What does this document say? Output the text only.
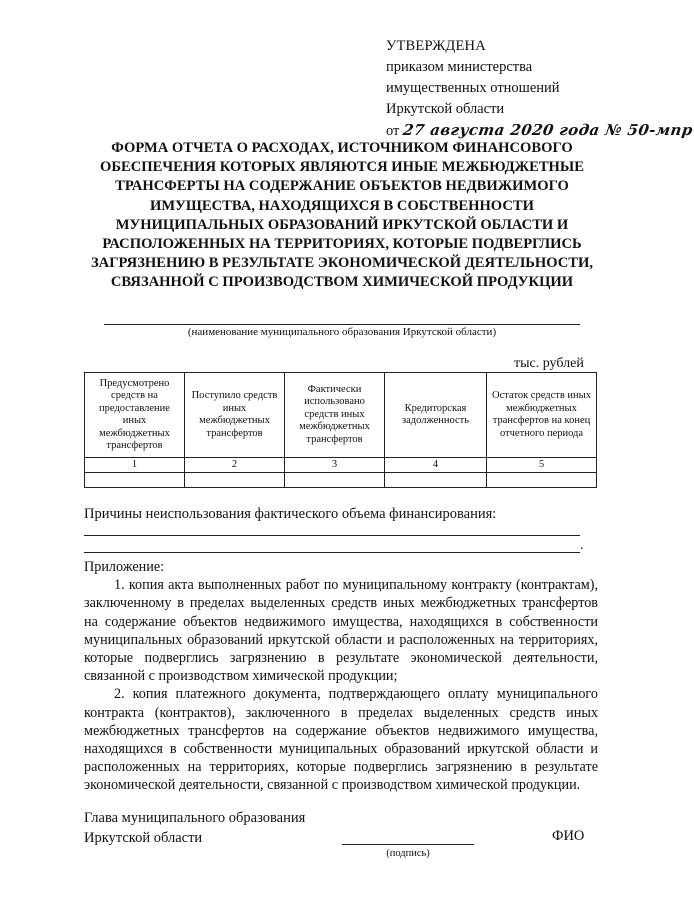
УТВЕРЖДЕНА
приказом министерства
имущественных отношений
Иркутской области
от 27 августа 2020 года № 50-мпр
ФОРМА ОТЧЕТА О РАСХОДАХ, ИСТОЧНИКОМ ФИНАНСОВОГО ОБЕСПЕЧЕНИЯ КОТОРЫХ ЯВЛЯЮТСЯ ИНЫЕ МЕЖБЮДЖЕТНЫЕ ТРАНСФЕРТЫ НА СОДЕРЖАНИЕ ОБЪЕКТОВ НЕДВИЖИМОГО ИМУЩЕСТВА, НАХОДЯЩИХСЯ В СОБСТВЕННОСТИ МУНИЦИПАЛЬНЫХ ОБРАЗОВАНИЙ ИРКУТСКОЙ ОБЛАСТИ И РАСПОЛОЖЕННЫХ НА ТЕРРИТОРИЯХ, КОТОРЫЕ ПОДВЕРГЛИСЬ ЗАГРЯЗНЕНИЮ В РЕЗУЛЬТАТЕ ЭКОНОМИЧЕСКОЙ ДЕЯТЕЛЬНОСТИ, СВЯЗАННОЙ С ПРОИЗВОДСТВОМ ХИМИЧЕСКОЙ ПРОДУКЦИИ
(наименование муниципального образования Иркутской области)
тыс. рублей
Предусмотрено средств на предоставление иных межбюджетных трансфертов	Поступило средств иных межбюджетных трансфертов	Фактически использовано средств иных межбюджетных трансфертов	Кредиторская задолженность	Остаток средств иных межбюджетных трансфертов на конец отчетного периода
1	2	3	4	5

Причины неиспользования фактического объема финансирования:
.

Приложение:

1. копия акта выполненных работ по муниципальному контракту (контрактам), заключенному в пределах выделенных средств иных межбюджетных трансфертов на содержание объектов недвижимого имущества, находящихся в собственности муниципальных образований иркутской области и расположенных на территориях, которые подверглись загрязнению в результате экономической деятельности, связанной с производством химической продукции;

2. копия платежного документа, подтверждающего оплату муниципального контракта (контрактов), заключенного в пределах выделенных средств иных межбюджетных трансфертов на содержание объектов недвижимого имущества, находящихся в собственности муниципальных образований иркутской области и расположенных на территориях, которые подверглись загрязнению в результате экономической деятельности, связанной с производством химической продукции.

Глава муниципального образования
Иркутской области
(подпись)
ФИО
